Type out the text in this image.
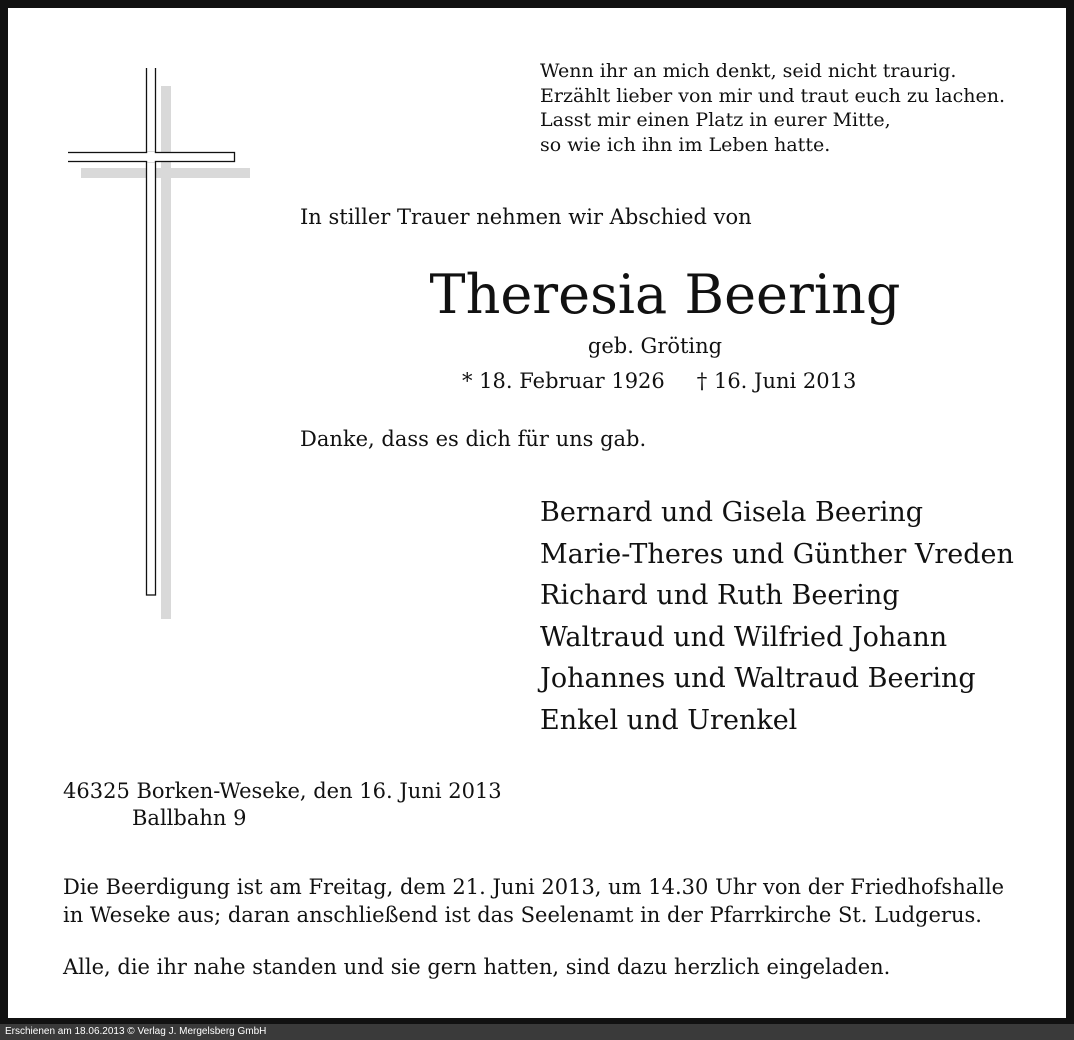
Wenn ihr an mich denkt, seid nicht traurig.
Erzählt lieber von mir und traut euch zu lachen.
Lasst mir einen Platz in eurer Mitte,
so wie ich ihn im Leben hatte.
In stiller Trauer nehmen wir Abschied von
Theresia Beering
geb. Gröting
* 18. Februar 1926 † 16. Juni 2013
Danke, dass es dich für uns gab.
Bernard und Gisela Beering
Marie-Theres und Günther Vreden
Richard und Ruth Beering
Waltraud und Wilfried Johann
Johannes und Waltraud Beering
Enkel und Urenkel
46325 Borken-Weseke, den 16. Juni 2013
Ballbahn 9
Die Beerdigung ist am Freitag, dem 21. Juni 2013, um 14.30 Uhr von der Friedhofshalle
in Weseke aus; daran anschließend ist das Seelenamt in der Pfarrkirche St. Ludgerus.
Alle, die ihr nahe standen und sie gern hatten, sind dazu herzlich eingeladen.
Erschienen am 18.06.2013 © Verlag J. Mergelsberg GmbH
